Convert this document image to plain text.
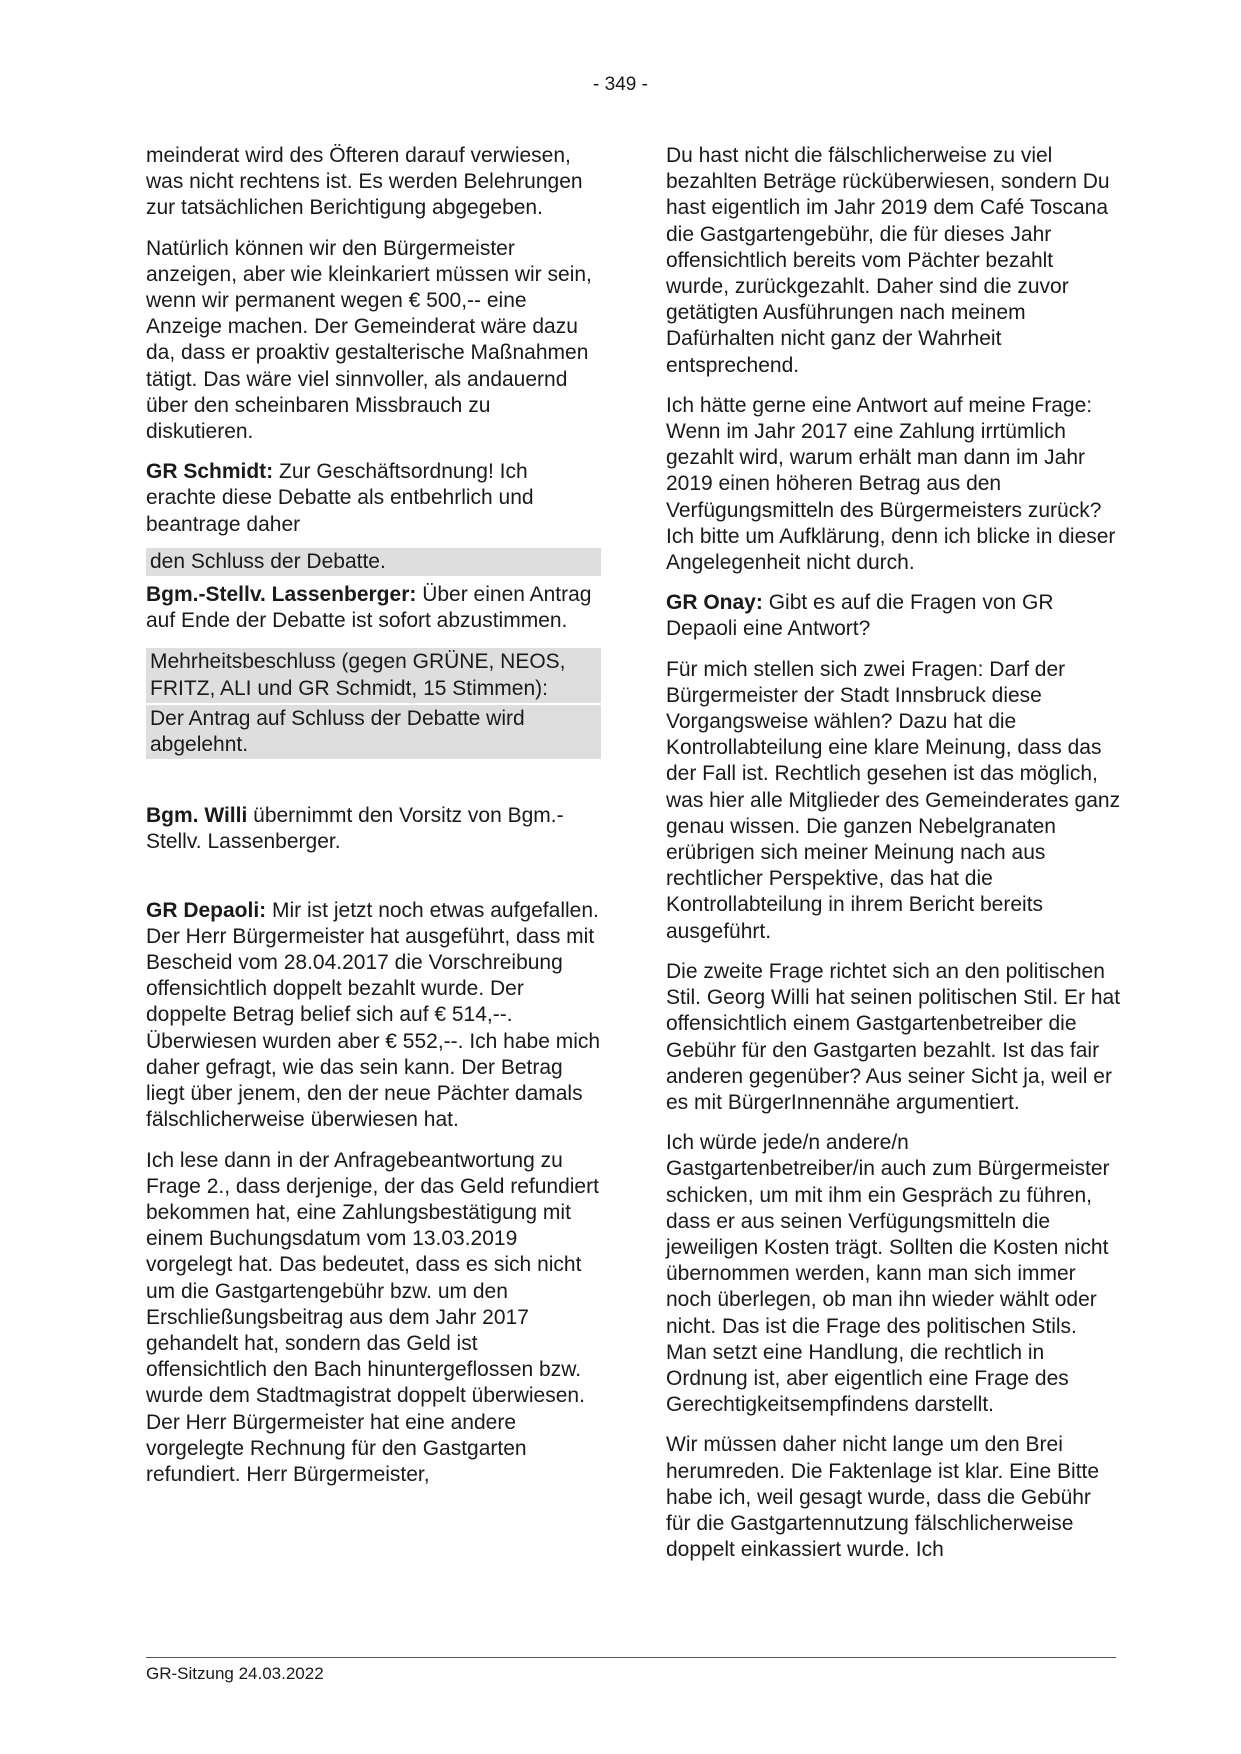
- 349 -

meinderat wird des Öfteren darauf verwiesen, was nicht rechtens ist. Es werden Belehrungen zur tatsächlichen Berichtigung abgegeben.

Natürlich können wir den Bürgermeister anzeigen, aber wie kleinkariert müssen wir sein, wenn wir permanent wegen € 500,-- eine Anzeige machen. Der Gemeinderat wäre dazu da, dass er proaktiv gestalterische Maßnahmen tätigt. Das wäre viel sinnvoller, als andauernd über den scheinbaren Missbrauch zu diskutieren.

GR Schmidt: Zur Geschäftsordnung! Ich erachte diese Debatte als entbehrlich und beantrage daher

den Schluss der Debatte.

Bgm.-Stellv. Lassenberger: Über einen Antrag auf Ende der Debatte ist sofort abzustimmen.

Mehrheitsbeschluss (gegen GRÜNE, NEOS, FRITZ, ALI und GR Schmidt, 15 Stimmen):

Der Antrag auf Schluss der Debatte wird abgelehnt.

Bgm. Willi übernimmt den Vorsitz von Bgm.-Stellv. Lassenberger.

GR Depaoli: Mir ist jetzt noch etwas aufgefallen. Der Herr Bürgermeister hat ausgeführt, dass mit Bescheid vom 28.04.2017 die Vorschreibung offensichtlich doppelt bezahlt wurde. Der doppelte Betrag belief sich auf € 514,--. Überwiesen wurden aber € 552,--. Ich habe mich daher gefragt, wie das sein kann. Der Betrag liegt über jenem, den der neue Pächter damals fälschlicherweise überwiesen hat.

Ich lese dann in der Anfragebeantwortung zu Frage 2., dass derjenige, der das Geld refundiert bekommen hat, eine Zahlungsbestätigung mit einem Buchungsdatum vom 13.03.2019 vorgelegt hat. Das bedeutet, dass es sich nicht um die Gastgartengebühr bzw. um den Erschließungsbeitrag aus dem Jahr 2017 gehandelt hat, sondern das Geld ist offensichtlich den Bach hinuntergeflossen bzw. wurde dem Stadtmagistrat doppelt überwiesen. Der Herr Bürgermeister hat eine andere vorgelegte Rechnung für den Gastgarten refundiert. Herr Bürgermeister,

Du hast nicht die fälschlicherweise zu viel bezahlten Beträge rücküberwiesen, sondern Du hast eigentlich im Jahr 2019 dem Café Toscana die Gastgartengebühr, die für dieses Jahr offensichtlich bereits vom Pächter bezahlt wurde, zurückgezahlt. Daher sind die zuvor getätigten Ausführungen nach meinem Dafürhalten nicht ganz der Wahrheit entsprechend.

Ich hätte gerne eine Antwort auf meine Frage: Wenn im Jahr 2017 eine Zahlung irrtümlich gezahlt wird, warum erhält man dann im Jahr 2019 einen höheren Betrag aus den Verfügungsmitteln des Bürgermeisters zurück? Ich bitte um Aufklärung, denn ich blicke in dieser Angelegenheit nicht durch.

GR Onay: Gibt es auf die Fragen von GR Depaoli eine Antwort?

Für mich stellen sich zwei Fragen: Darf der Bürgermeister der Stadt Innsbruck diese Vorgangsweise wählen? Dazu hat die Kontrollabteilung eine klare Meinung, dass das der Fall ist. Rechtlich gesehen ist das möglich, was hier alle Mitglieder des Gemeinderates ganz genau wissen. Die ganzen Nebelgranaten erübrigen sich meiner Meinung nach aus rechtlicher Perspektive, das hat die Kontrollabteilung in ihrem Bericht bereits ausgeführt.

Die zweite Frage richtet sich an den politischen Stil. Georg Willi hat seinen politischen Stil. Er hat offensichtlich einem Gastgartenbetreiber die Gebühr für den Gastgarten bezahlt. Ist das fair anderen gegenüber? Aus seiner Sicht ja, weil er es mit BürgerInnennähe argumentiert.

Ich würde jede/n andere/n Gastgartenbetreiber/in auch zum Bürgermeister schicken, um mit ihm ein Gespräch zu führen, dass er aus seinen Verfügungsmitteln die jeweiligen Kosten trägt. Sollten die Kosten nicht übernommen werden, kann man sich immer noch überlegen, ob man ihn wieder wählt oder nicht. Das ist die Frage des politischen Stils. Man setzt eine Handlung, die rechtlich in Ordnung ist, aber eigentlich eine Frage des Gerechtigkeitsempfindens darstellt.

Wir müssen daher nicht lange um den Brei herumreden. Die Faktenlage ist klar. Eine Bitte habe ich, weil gesagt wurde, dass die Gebühr für die Gastgartennutzung fälschlicherweise doppelt einkassiert wurde. Ich

GR-Sitzung 24.03.2022
